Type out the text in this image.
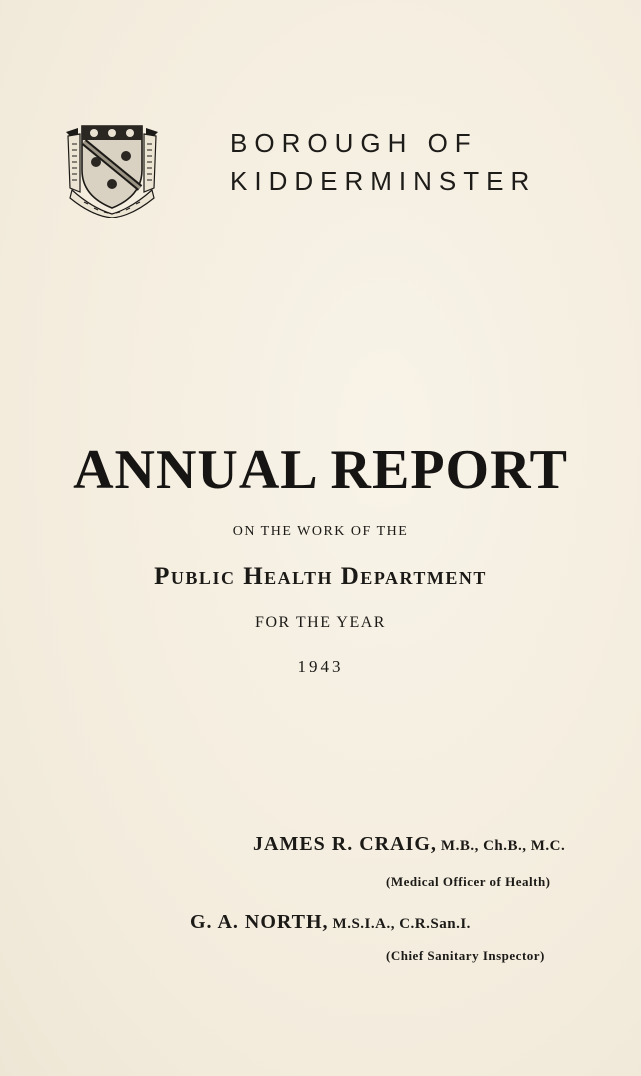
BOROUGH OF
KIDDERMINSTER
ANNUAL REPORT

ON THE WORK OF THE

Public Health Department

FOR THE YEAR

1943

JAMES R. CRAIG, M.B., Ch.B., M.C.

(Medical Officer of Health)

G. A. NORTH, M.S.I.A., C.R.San.I.

(Chief Sanitary Inspector)
